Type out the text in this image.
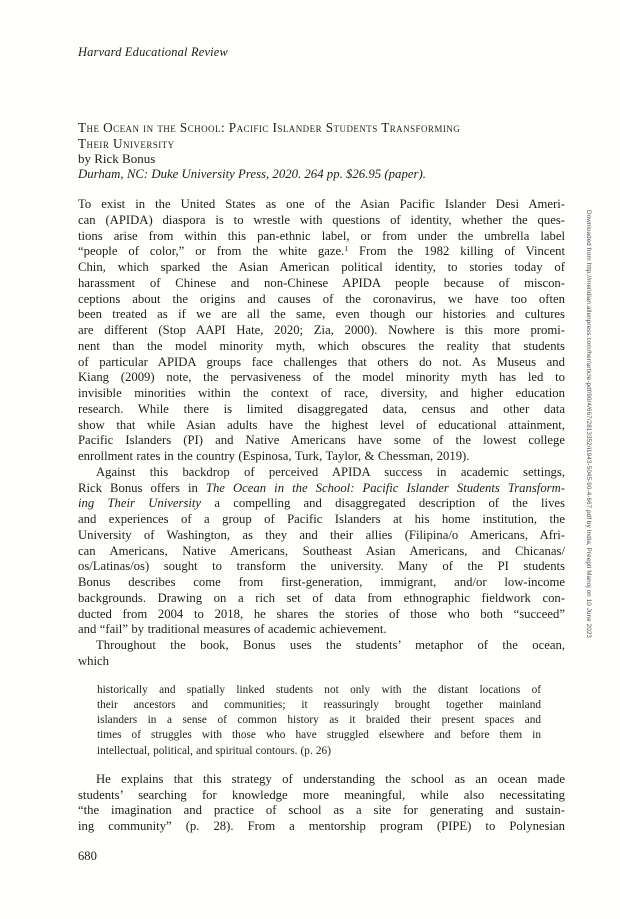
Harvard Educational Review
The Ocean in the School: Pacific Islander Students Transforming
Their University
by Rick Bonus
Durham, NC: Duke University Press, 2020. 264 pp. $26.95 (paper).
To exist in the United States as one of the Asian Pacific Islander Desi Ameri-
can (APIDA) diaspora is to wrestle with questions of identity, whether the ques-
tions arise from within this pan-ethnic label, or from under the umbrella label
“people of color,” or from the white gaze.$^1$ From the 1982 killing of Vincent
Chin, which sparked the Asian American political identity, to stories today of
harassment of Chinese and non-Chinese APIDA people because of miscon-
ceptions about the origins and causes of the coronavirus, we have too often
been treated as if we are all the same, even though our histories and cultures
are different (Stop AAPI Hate, 2020; Zia, 2000). Nowhere is this more promi-
nent than the model minority myth, which obscures the reality that students
of particular APIDA groups face challenges that others do not. As Museus and
Kiang (2009) note, the pervasiveness of the model minority myth has led to
invisible minorities within the context of race, diversity, and higher education
research. While there is limited disaggregated data, census and other data
show that while Asian adults have the highest level of educational attainment,
Pacific Islanders (PI) and Native Americans have some of the lowest college
enrollment rates in the country (Espinosa, Turk, Taylor, & Chessman, 2019).
Against this backdrop of perceived APIDA success in academic settings,
Rick Bonus offers in The Ocean in the School: Pacific Islander Students Transform-
ing Their University a compelling and disaggregated description of the lives
and experiences of a group of Pacific Islanders at his home institution, the
University of Washington, as they and their allies (Filipina/o Americans, Afri-
can Americans, Native Americans, Southeast Asian Americans, and Chicanas/
os/Latinas/os) sought to transform the university. Many of the PI students
Bonus describes come from first-generation, immigrant, and/or low-income
backgrounds. Drawing on a rich set of data from ethnographic fieldwork con-
ducted from 2004 to 2018, he shares the stories of those who both “succeed”
and “fail” by traditional measures of academic achievement.
Throughout the book, Bonus uses the students’ metaphor of the ocean,
which
historically and spatially linked students not only with the distant locations of
their ancestors and communities; it reassuringly brought together mainland
islanders in a sense of common history as it braided their present spaces and
times of struggles with those who have struggled elsewhere and before them in
intellectual, political, and spiritual contours. (p. 26)
He explains that this strategy of understanding the school as an ocean made
students’ searching for knowledge more meaningful, while also necessitating
“the imagination and practice of school as a site for generating and sustain-
ing community” (p. 28). From a mentorship program (PIPE) to Polynesian
680
Downloaded from http://meridian.allenpress.com/her/article-pdf/90/4/667/2813352/i1943-5045-90-4-667.pdf by India, Preepti Manoj on 10 June 2023
